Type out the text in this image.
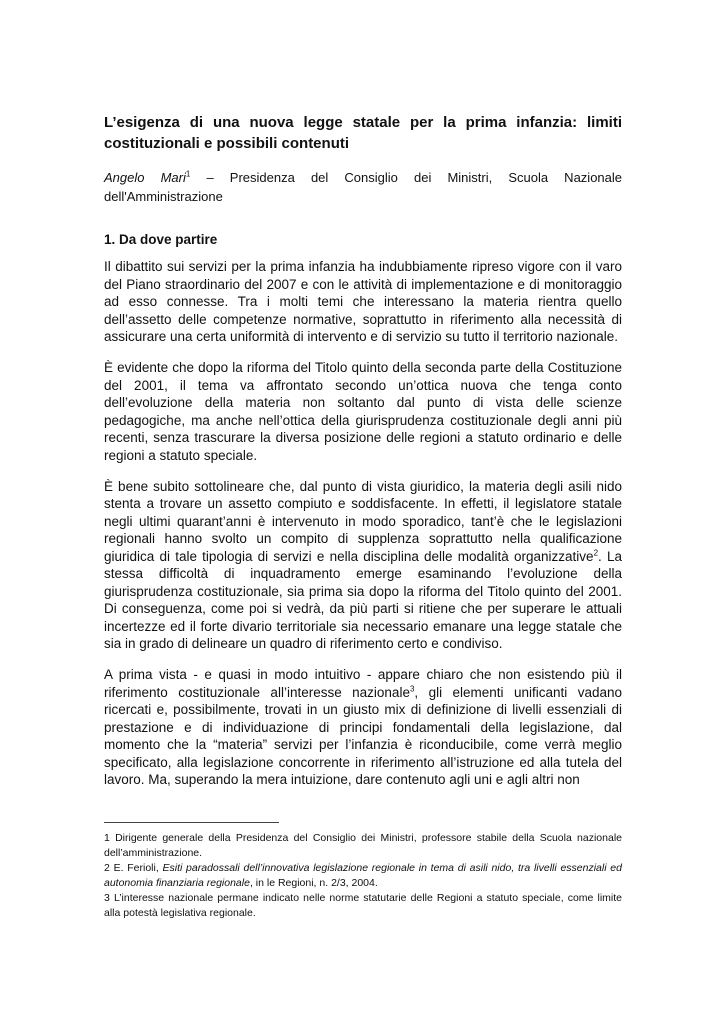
L’esigenza di una nuova legge statale per la prima infanzia: limiti costituzionali e possibili contenuti
Angelo Mari$^1$ – Presidenza del Consiglio dei Ministri, Scuola Nazionale dell'Amministrazione
1. Da dove partire

Il dibattito sui servizi per la prima infanzia ha indubbiamente ripreso vigore con il varo del Piano straordinario del 2007 e con le attività di implementazione e di monitoraggio ad esso connesse. Tra i molti temi che interessano la materia rientra quello dell’assetto delle competenze normative, soprattutto in riferimento alla necessità di assicurare una certa uniformità di intervento e di servizio su tutto il territorio nazionale.

È evidente che dopo la riforma del Titolo quinto della seconda parte della Costituzione del 2001, il tema va affrontato secondo un’ottica nuova che tenga conto dell’evoluzione della materia non soltanto dal punto di vista delle scienze pedagogiche, ma anche nell’ottica della giurisprudenza costituzionale degli anni più recenti, senza trascurare la diversa posizione delle regioni a statuto ordinario e delle regioni a statuto speciale.

È bene subito sottolineare che, dal punto di vista giuridico, la materia degli asili nido stenta a trovare un assetto compiuto e soddisfacente. In effetti, il legislatore statale negli ultimi quarant’anni è intervenuto in modo sporadico, tant’è che le legislazioni regionali hanno svolto un compito di supplenza soprattutto nella qualificazione giuridica di tale tipologia di servizi e nella disciplina delle modalità organizzative$^2$. La stessa difficoltà di inquadramento emerge esaminando l’evoluzione della giurisprudenza costituzionale, sia prima sia dopo la riforma del Titolo quinto del 2001. Di conseguenza, come poi si vedrà, da più parti si ritiene che per superare le attuali incertezze ed il forte divario territoriale sia necessario emanare una legge statale che sia in grado di delineare un quadro di riferimento certo e condiviso.

A prima vista - e quasi in modo intuitivo - appare chiaro che non esistendo più il riferimento costituzionale all’interesse nazionale$^3$, gli elementi unificanti vadano ricercati e, possibilmente, trovati in un giusto mix di definizione di livelli essenziali di prestazione e di individuazione di principi fondamentali della legislazione, dal momento che la “materia” servizi per l’infanzia è riconducibile, come verrà meglio specificato, alla legislazione concorrente in riferimento all’istruzione ed alla tutela del lavoro. Ma, superando la mera intuizione, dare contenuto agli uni e agli altri non

1 Dirigente generale della Presidenza del Consiglio dei Ministri, professore stabile della Scuola nazionale dell’amministrazione.

2 E. Ferioli, Esiti paradossali dell’innovativa legislazione regionale in tema di asili nido, tra livelli essenziali ed autonomia finanziaria regionale, in le Regioni, n. 2/3, 2004.

3 L’interesse nazionale permane indicato nelle norme statutarie delle Regioni a statuto speciale, come limite alla potestà legislativa regionale.
